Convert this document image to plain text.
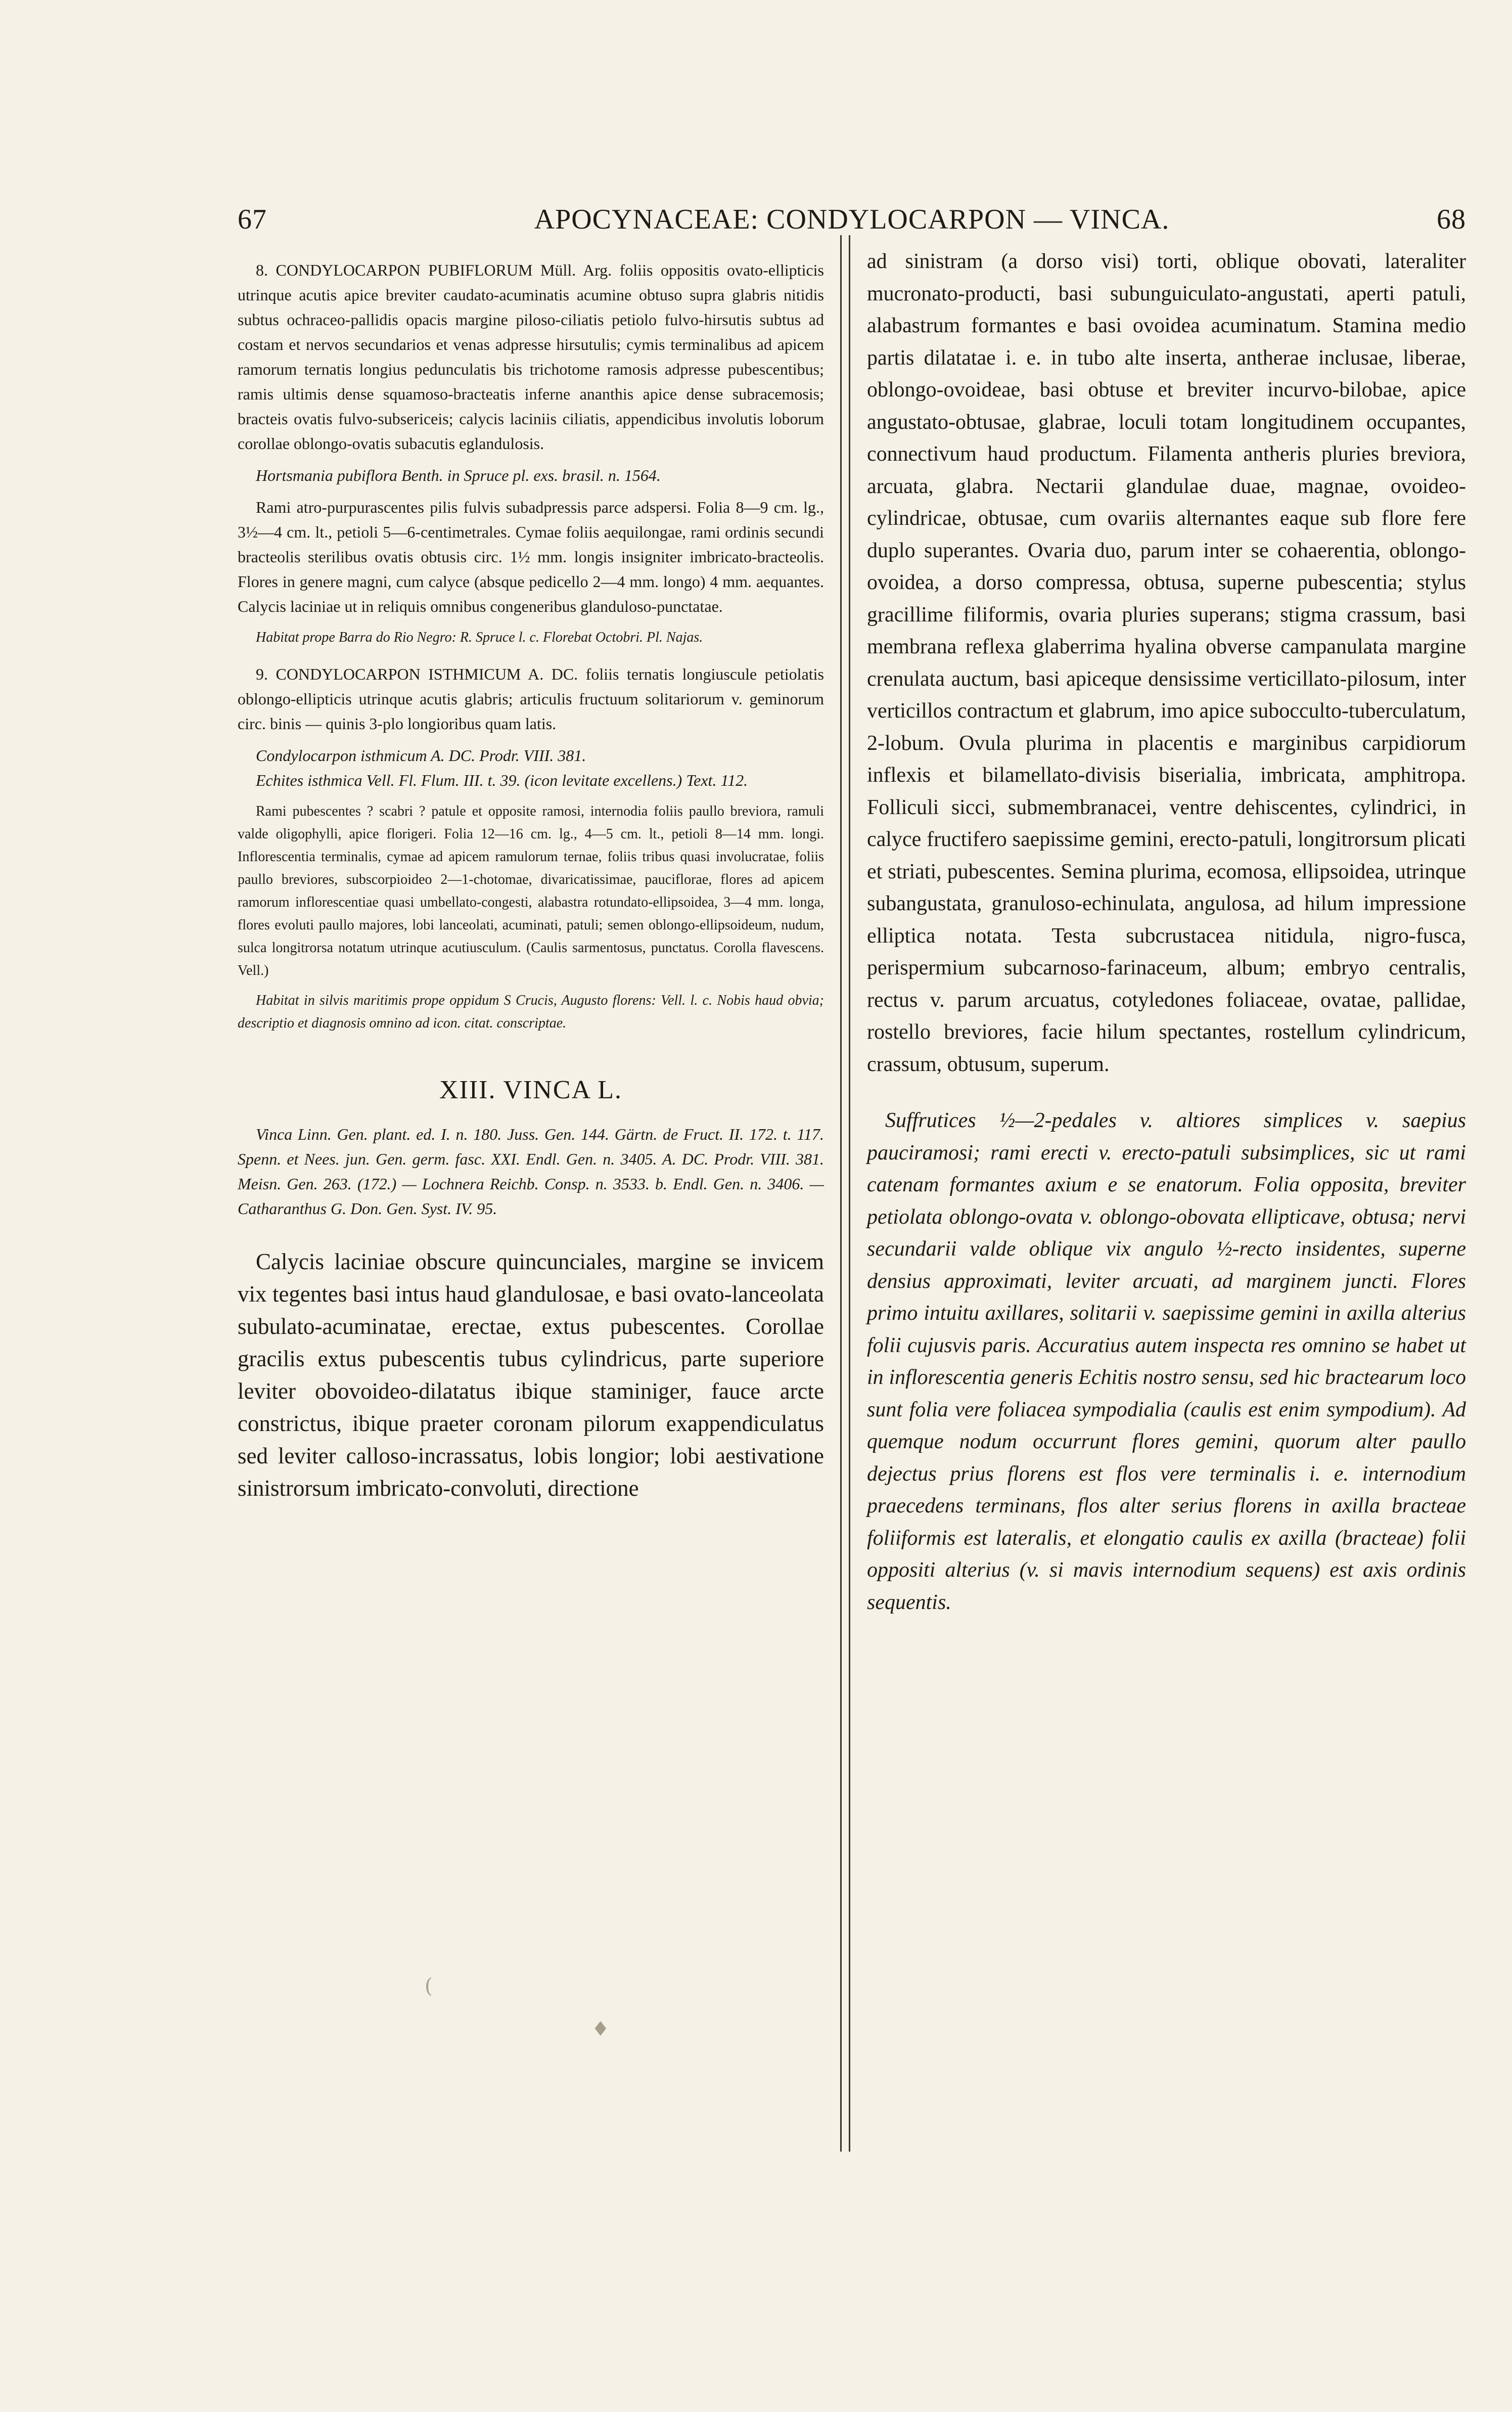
67	APOCYNACEAE: CONDYLOCARPON — VINCA.	68

8. CONDYLOCARPON PUBIFLORUM Müll. Arg. foliis oppositis ovato-ellipticis utrinque acutis apice breviter caudato-acuminatis acumine obtuso supra glabris nitidis subtus ochraceo-pallidis opacis margine piloso-ciliatis petiolo fulvo-hirsutis subtus ad costam et nervos secundarios et venas adpresse hirsutulis; cymis terminalibus ad apicem ramorum ternatis longius pedunculatis bis trichotome ramosis adpresse pubescentibus; ramis ultimis dense squamoso-bracteatis inferne ananthis apice dense subracemosis; bracteis ovatis fulvo-subsericeis; calycis laciniis ciliatis, appendicibus involutis loborum corollae oblongo-ovatis subacutis eglandulosis.

Hortsmania pubiflora Benth. in Spruce pl. exs. brasil. n. 1564.

Rami atro-purpurascentes pilis fulvis subadpressis parce adspersi. Folia 8—9 cm. lg., 3½—4 cm. lt., petioli 5—6-centimetrales. Cymae foliis aequilongae, rami ordinis secundi bracteolis sterilibus ovatis obtusis circ. 1½ mm. longis insigniter imbricato-bracteolis. Flores in genere magni, cum calyce (absque pedicello 2—4 mm. longo) 4 mm. aequantes. Calycis laciniae ut in reliquis omnibus congeneribus glanduloso-punctatae.

Habitat prope Barra do Rio Negro: R. Spruce l. c. Florebat Octobri. Pl. Najas.

9. CONDYLOCARPON ISTHMICUM A. DC. foliis ternatis longiuscule petiolatis oblongo-ellipticis utrinque acutis glabris; articulis fructuum solitariorum v. geminorum circ. binis — quinis 3-plo longioribus quam latis.

Condylocarpon isthmicum A. DC. Prodr. VIII. 381.

Echites isthmica Vell. Fl. Flum. III. t. 39. (icon levitate excellens.) Text. 112.

Rami pubescentes ? scabri ? patule et opposite ramosi, internodia foliis paullo breviora, ramuli valde oligophylli, apice florigeri. Folia 12—16 cm. lg., 4—5 cm. lt., petioli 8—14 mm. longi. Inflorescentia terminalis, cymae ad apicem ramulorum ternae, foliis tribus quasi involucratae, foliis paullo breviores, subscorpioideo 2—1-chotomae, divaricatissimae, pauciflorae, flores ad apicem ramorum inflorescentiae quasi umbellato-congesti, alabastra rotundato-ellipsoidea, 3—4 mm. longa, flores evoluti paullo majores, lobi lanceolati, acuminati, patuli; semen oblongo-ellipsoideum, nudum, sulca longitrorsa notatum utrinque acutiusculum. (Caulis sarmentosus, punctatus. Corolla flavescens. Vell.)

Habitat in silvis maritimis prope oppidum S Crucis, Augusto florens: Vell. l. c. Nobis haud obvia; descriptio et diagnosis omnino ad icon. citat. conscriptae.

XIII. VINCA L.

Vinca Linn. Gen. plant. ed. I. n. 180. Juss. Gen. 144. Gärtn. de Fruct. II. 172. t. 117. Spenn. et Nees. jun. Gen. germ. fasc. XXI. Endl. Gen. n. 3405. A. DC. Prodr. VIII. 381. Meisn. Gen. 263. (172.) — Lochnera Reichb. Consp. n. 3533. b. Endl. Gen. n. 3406. — Catharanthus G. Don. Gen. Syst. IV. 95.

Calycis laciniae obscure quincunciales, margine se invicem vix tegentes basi intus haud glandulosae, e basi ovato-lanceolata subulato-acuminatae, erectae, extus pubescentes. Corollae gracilis extus pubescentis tubus cylindricus, parte superiore leviter obovoideo-dilatatus ibique staminiger, fauce arcte constrictus, ibique praeter coronam pilorum exappendiculatus sed leviter calloso-incrassatus, lobis longior; lobi aestivatione sinistrorsum imbricato-convoluti, directione

ad sinistram (a dorso visi) torti, oblique obovati, lateraliter mucronato-producti, basi subunguiculato-angustati, aperti patuli, alabastrum formantes e basi ovoidea acuminatum. Stamina medio partis dilatatae i. e. in tubo alte inserta, antherae inclusae, liberae, oblongo-ovoideae, basi obtuse et breviter incurvo-bilobae, apice angustato-obtusae, glabrae, loculi totam longitudinem occupantes, connectivum haud productum. Filamenta antheris pluries breviora, arcuata, glabra. Nectarii glandulae duae, magnae, ovoideo-cylindricae, obtusae, cum ovariis alternantes eaque sub flore fere duplo superantes. Ovaria duo, parum inter se cohaerentia, oblongo-ovoidea, a dorso compressa, obtusa, superne pubescentia; stylus gracillime filiformis, ovaria pluries superans; stigma crassum, basi membrana reflexa glaberrima hyalina obverse campanulata margine crenulata auctum, basi apiceque densissime verticillato-pilosum, inter verticillos contractum et glabrum, imo apice subocculto-tuberculatum, 2-lobum. Ovula plurima in placentis e marginibus carpidiorum inflexis et bilamellato-divisis biserialia, imbricata, amphitropa. Folliculi sicci, submembranacei, ventre dehiscentes, cylindrici, in calyce fructifero saepissime gemini, erecto-patuli, longitrorsum plicati et striati, pubescentes. Semina plurima, ecomosa, ellipsoidea, utrinque subangustata, granuloso-echinulata, angulosa, ad hilum impressione elliptica notata. Testa subcrustacea nitidula, nigro-fusca, perispermium subcarnoso-farinaceum, album; embryo centralis, rectus v. parum arcuatus, cotyledones foliaceae, ovatae, pallidae, rostello breviores, facie hilum spectantes, rostellum cylindricum, crassum, obtusum, superum.

Suffrutices ½—2-pedales v. altiores simplices v. saepius pauciramosi; rami erecti v. erecto-patuli subsimplices, sic ut rami catenam formantes axium e se enatorum. Folia opposita, breviter petiolata oblongo-ovata v. oblongo-obovata ellipticave, obtusa; nervi secundarii valde oblique vix angulo ½-recto insidentes, superne densius approximati, leviter arcuati, ad marginem juncti. Flores primo intuitu axillares, solitarii v. saepissime gemini in axilla alterius folii cujusvis paris. Accuratius autem inspecta res omnino se habet ut in inflorescentia generis Echitis nostro sensu, sed hic bractearum loco sunt folia vere foliacea sympodialia (caulis est enim sympodium). Ad quemque nodum occurrunt flores gemini, quorum alter paullo dejectus prius florens est flos vere terminalis i. e. internodium praecedens terminans, flos alter serius florens in axilla bracteae foliiformis est lateralis, et elongatio caulis ex axilla (bracteae) folii oppositi alterius (v. si mavis internodium sequens) est axis ordinis sequentis.

(
♦
